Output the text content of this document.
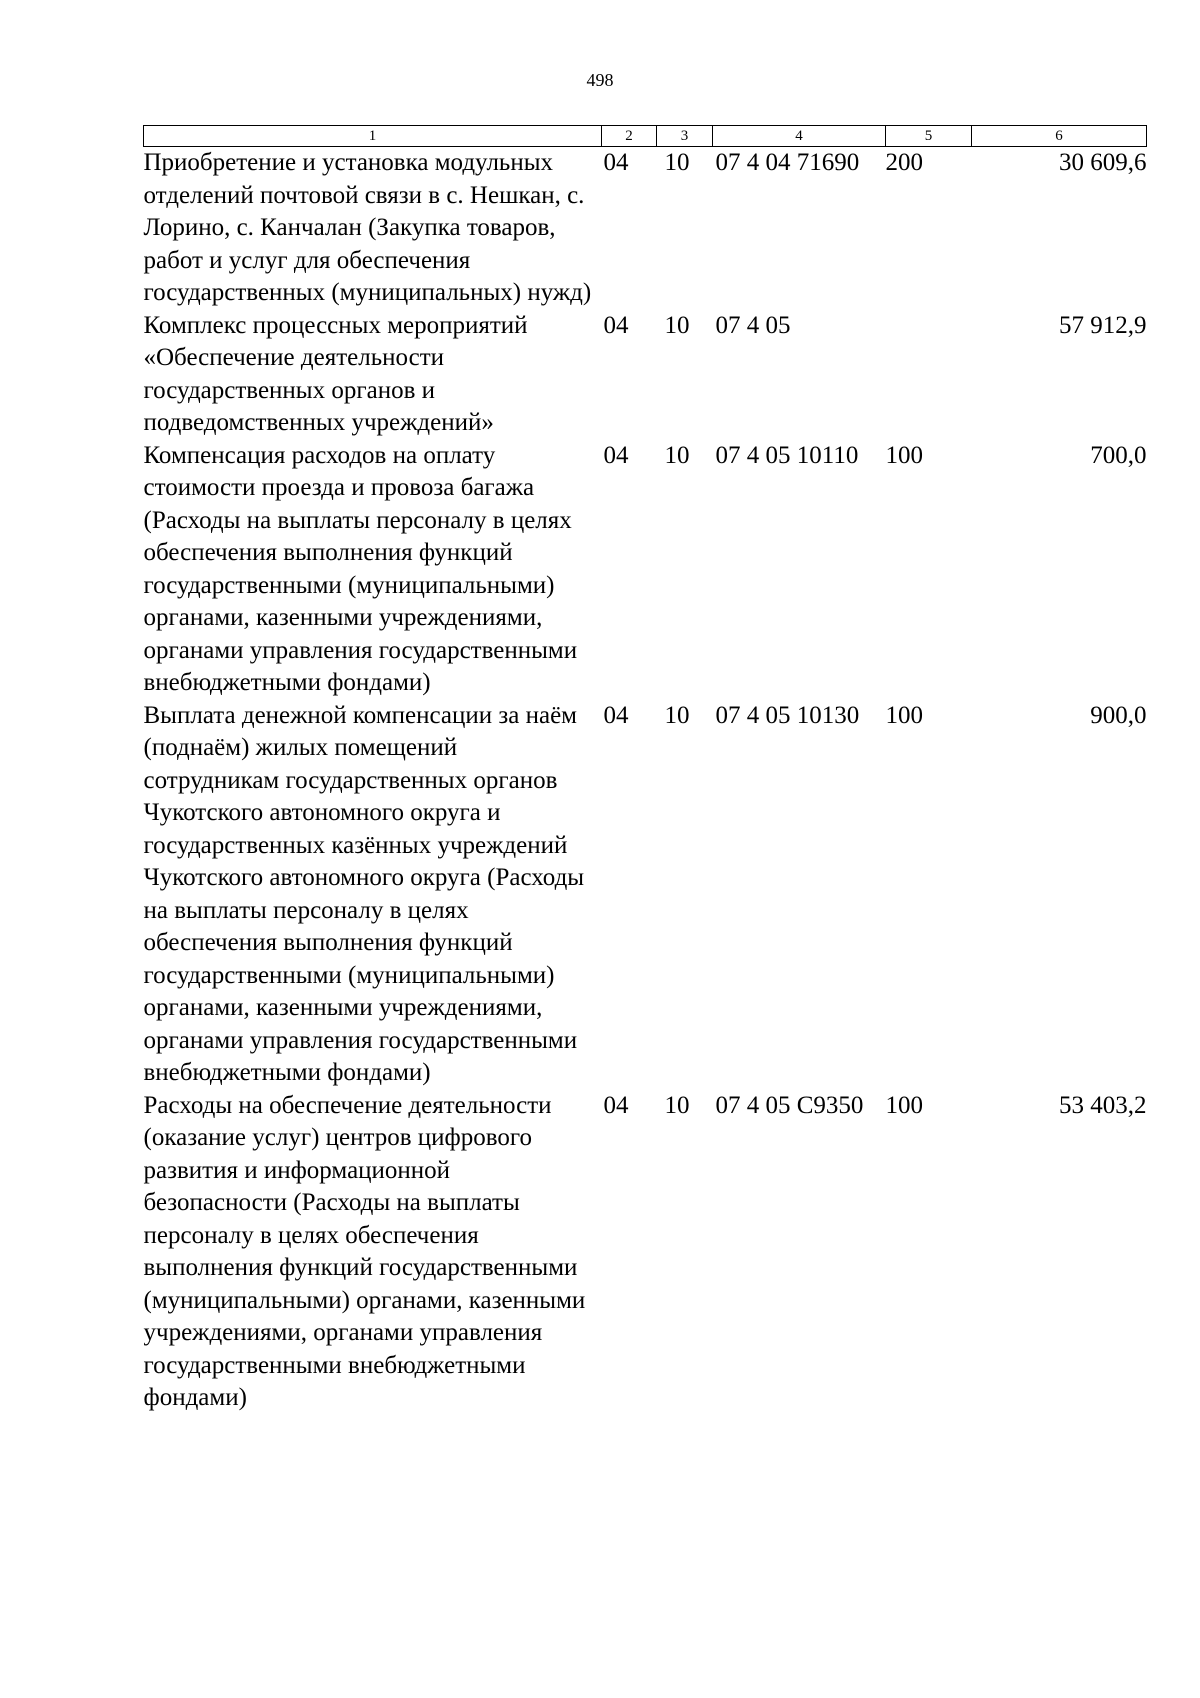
498
1	2	3	4	5	6
Приобретение и установка модульных отделений почтовой связи в с. Нешкан, с. Лорино, с. Канчалан (Закупка товаров, работ и услуг для обеспечения государственных (муниципальных) нужд)	04	10	07 4 04 71690	200	30 609,6
Комплекс процессных мероприятий «Обеспечение деятельности государственных органов и подведомственных учреждений»	04	10	07 4 05		57 912,9
Компенсация расходов на оплату стоимости проезда и провоза багажа (Расходы на выплаты персоналу в целях обеспечения выполнения функций государственными (муниципальными) органами, казенными учреждениями, органами управления государственными внебюджетными фондами)	04	10	07 4 05 10110	100	700,0
Выплата денежной компенсации за наём (поднаём) жилых помещений сотрудникам государственных органов Чукотского автономного округа и государственных казённых учреждений Чукотского автономного округа (Расходы на выплаты персоналу в целях обеспечения выполнения функций государственными (муниципальными) органами, казенными учреждениями, органами управления государственными внебюджетными фондами)	04	10	07 4 05 10130	100	900,0
Расходы на обеспечение деятельности (оказание услуг) центров цифрового развития и информационной безопасности (Расходы на выплаты персоналу в целях обеспечения выполнения функций государственными (муниципальными) органами, казенными учреждениями, органами управления государственными внебюджетными фондами)	04	10	07 4 05 С9350	100	53 403,2
